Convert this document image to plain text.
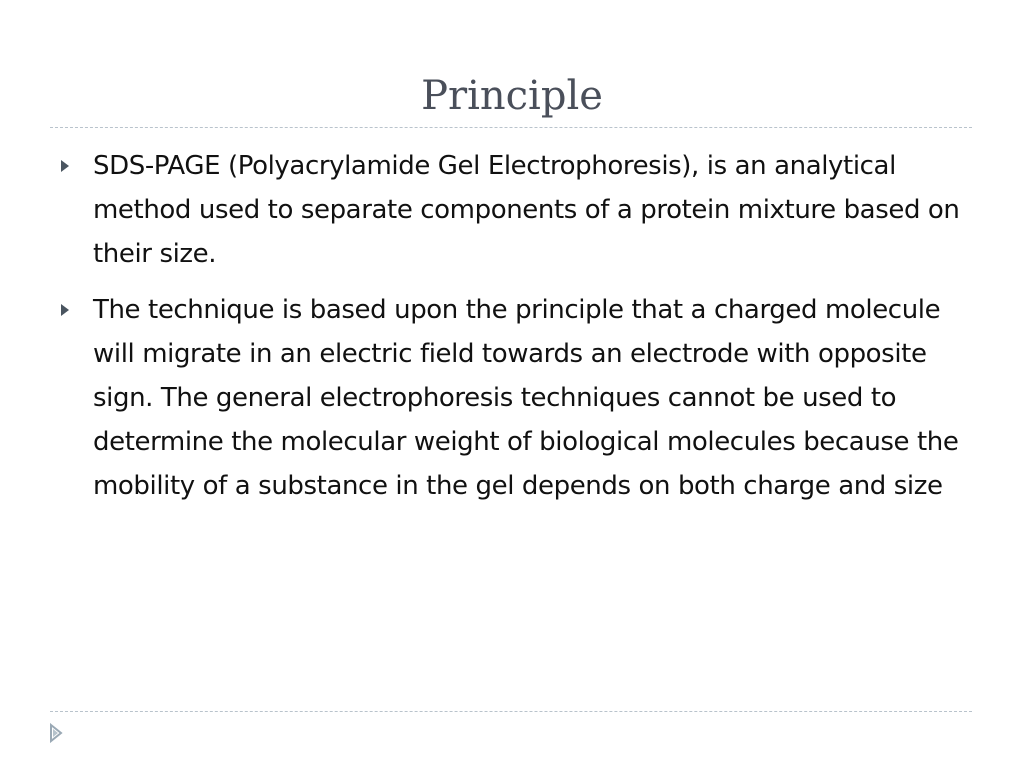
Principle
SDS-PAGE (Polyacrylamide Gel Electrophoresis), is an analytical method used to separate components of a protein mixture based on their size.
The technique is based upon the principle that a charged molecule will migrate in an electric field towards an electrode with opposite sign. The general electrophoresis techniques cannot be used to determine the molecular weight of biological molecules because the mobility of a substance in the gel depends on both charge and size
